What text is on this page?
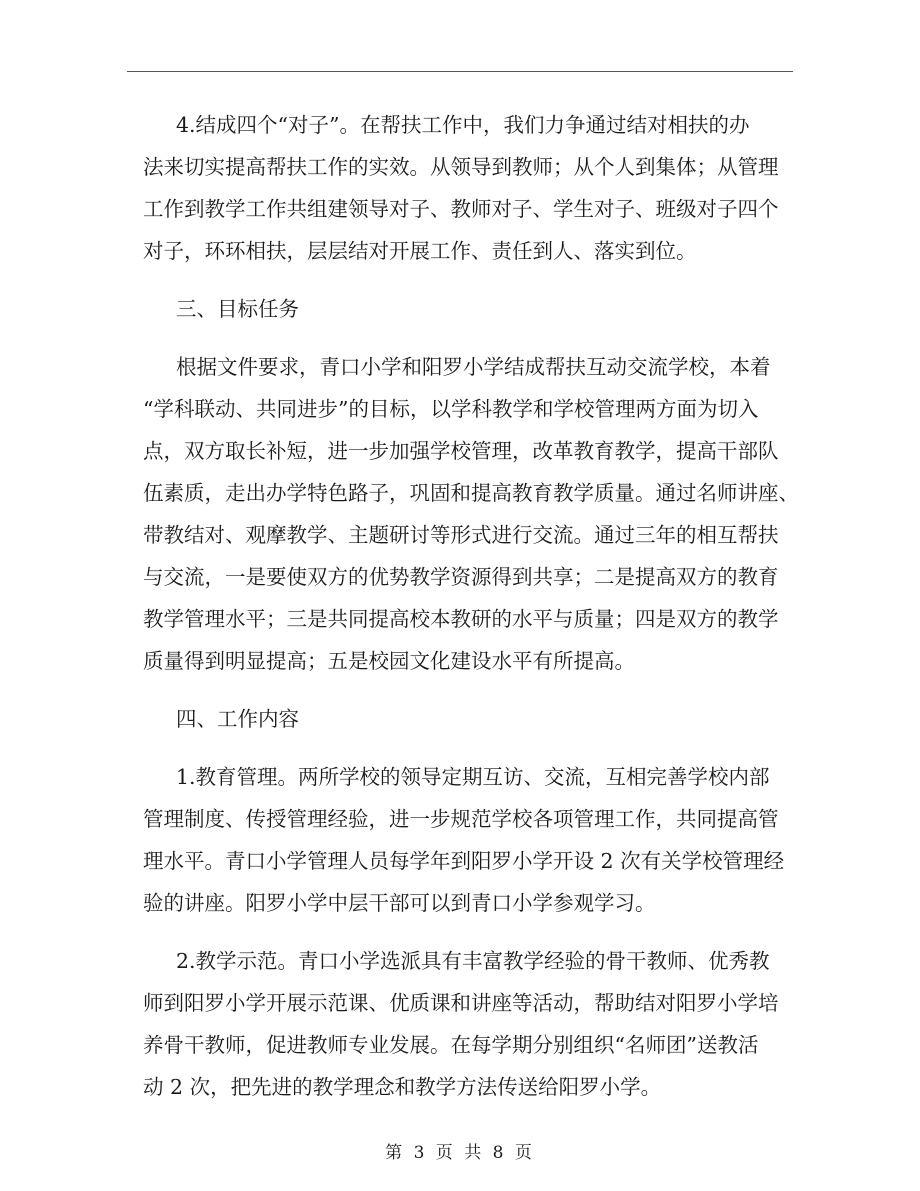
4.结成四个“对子”。在帮扶工作中，我们力争通过结对相扶的办
法来切实提高帮扶工作的实效。从领导到教师；从个人到集体；从管理
工作到教学工作共组建领导对子、教师对子、学生对子、班级对子四个
对子，环环相扶，层层结对开展工作、责任到人、落实到位。
三、目标任务
根据文件要求，青口小学和阳罗小学结成帮扶互动交流学校，本着
“学科联动、共同进步”的目标，以学科教学和学校管理两方面为切入
点，双方取长补短，进一步加强学校管理，改革教育教学，提高干部队
伍素质，走出办学特色路子，巩固和提高教育教学质量。通过名师讲座、
带教结对、观摩教学、主题研讨等形式进行交流。通过三年的相互帮扶
与交流，一是要使双方的优势教学资源得到共享；二是提高双方的教育
教学管理水平；三是共同提高校本教研的水平与质量；四是双方的教学
质量得到明显提高；五是校园文化建设水平有所提高。
四、工作内容
1.教育管理。两所学校的领导定期互访、交流，互相完善学校内部
管理制度、传授管理经验，进一步规范学校各项管理工作，共同提高管
理水平。青口小学管理人员每学年到阳罗小学开设 2 次有关学校管理经
验的讲座。阳罗小学中层干部可以到青口小学参观学习。
2.教学示范。青口小学选派具有丰富教学经验的骨干教师、优秀教
师到阳罗小学开展示范课、优质课和讲座等活动，帮助结对阳罗小学培
养骨干教师，促进教师专业发展。在每学期分别组织“名师团”送教活
动 2 次，把先进的教学理念和教学方法传送给阳罗小学。
第 3 页 共 8 页
